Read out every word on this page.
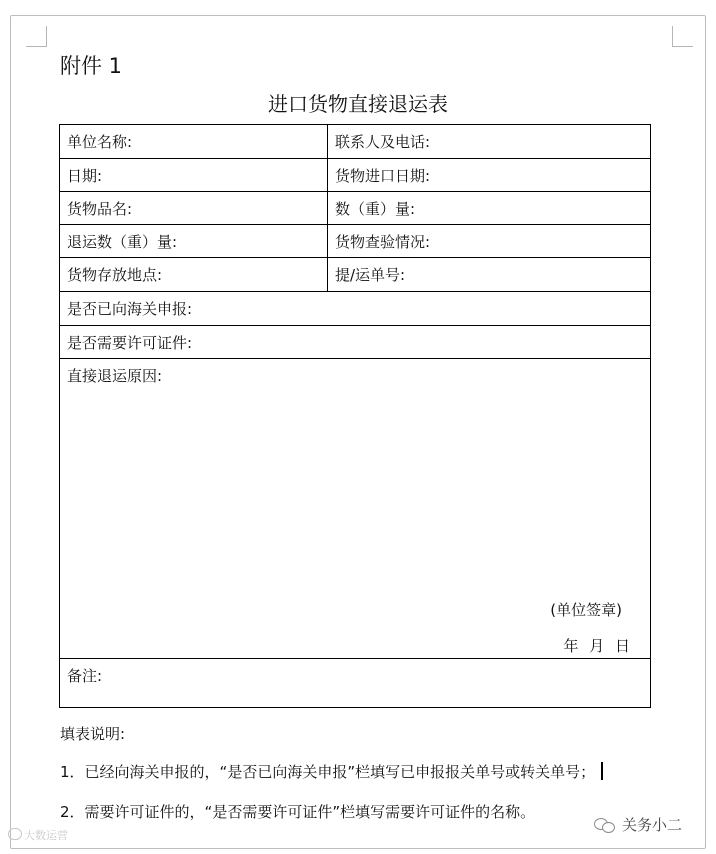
附件 1
进口货物直接退运表
单位名称:	联系人及电话:
日期:	货物进口日期:
货物品名:	数（重）量:
退运数（重）量:	货物查验情况:
货物存放地点:	提/运单号:
是否已向海关申报:
是否需要许可证件:
直接退运原因:
(单位签章)
年 月 日
备注:
填表说明:
1．已经向海关申报的，“是否已向海关申报”栏填写已申报报关单号或转关单号；
2．需要许可证件的，“是否需要许可证件”栏填写需要许可证件的名称。
大数运营
关务小二
